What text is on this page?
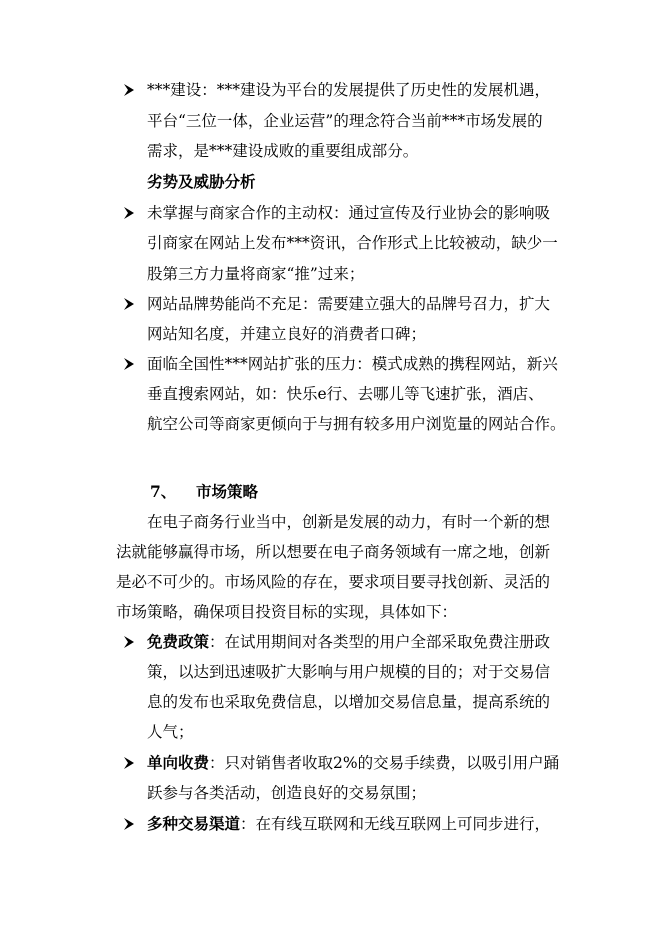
***建设：***建设为平台的发展提供了历史性的发展机遇，
平台“三位一体，企业运营”的理念符合当前***市场发展的
需求，是***建设成败的重要组成部分。
劣势及威胁分析
未掌握与商家合作的主动权：通过宣传及行业协会的影响吸
引商家在网站上发布***资讯，合作形式上比较被动，缺少一
股第三方力量将商家“推”过来；
网站品牌势能尚不充足：需要建立强大的品牌号召力，扩大
网站知名度，并建立良好的消费者口碑；
面临全国性***网站扩张的压力：模式成熟的携程网站，新兴
垂直搜索网站，如：快乐e行、去哪儿等飞速扩张，酒店、
航空公司等商家更倾向于与拥有较多用户浏览量的网站合作。
7、 市场策略
在电子商务行业当中，创新是发展的动力，有时一个新的想
法就能够赢得市场，所以想要在电子商务领域有一席之地，创新
是必不可少的。市场风险的存在，要求项目要寻找创新、灵活的
市场策略，确保项目投资目标的实现，具体如下：
免费政策：在试用期间对各类型的用户全部采取免费注册政
策，以达到迅速吸扩大影响与用户规模的目的；对于交易信
息的发布也采取免费信息，以增加交易信息量，提高系统的
人气；
单向收费：只对销售者收取2%的交易手续费，以吸引用户踊
跃参与各类活动，创造良好的交易氛围；
多种交易渠道：在有线互联网和无线互联网上可同步进行，
